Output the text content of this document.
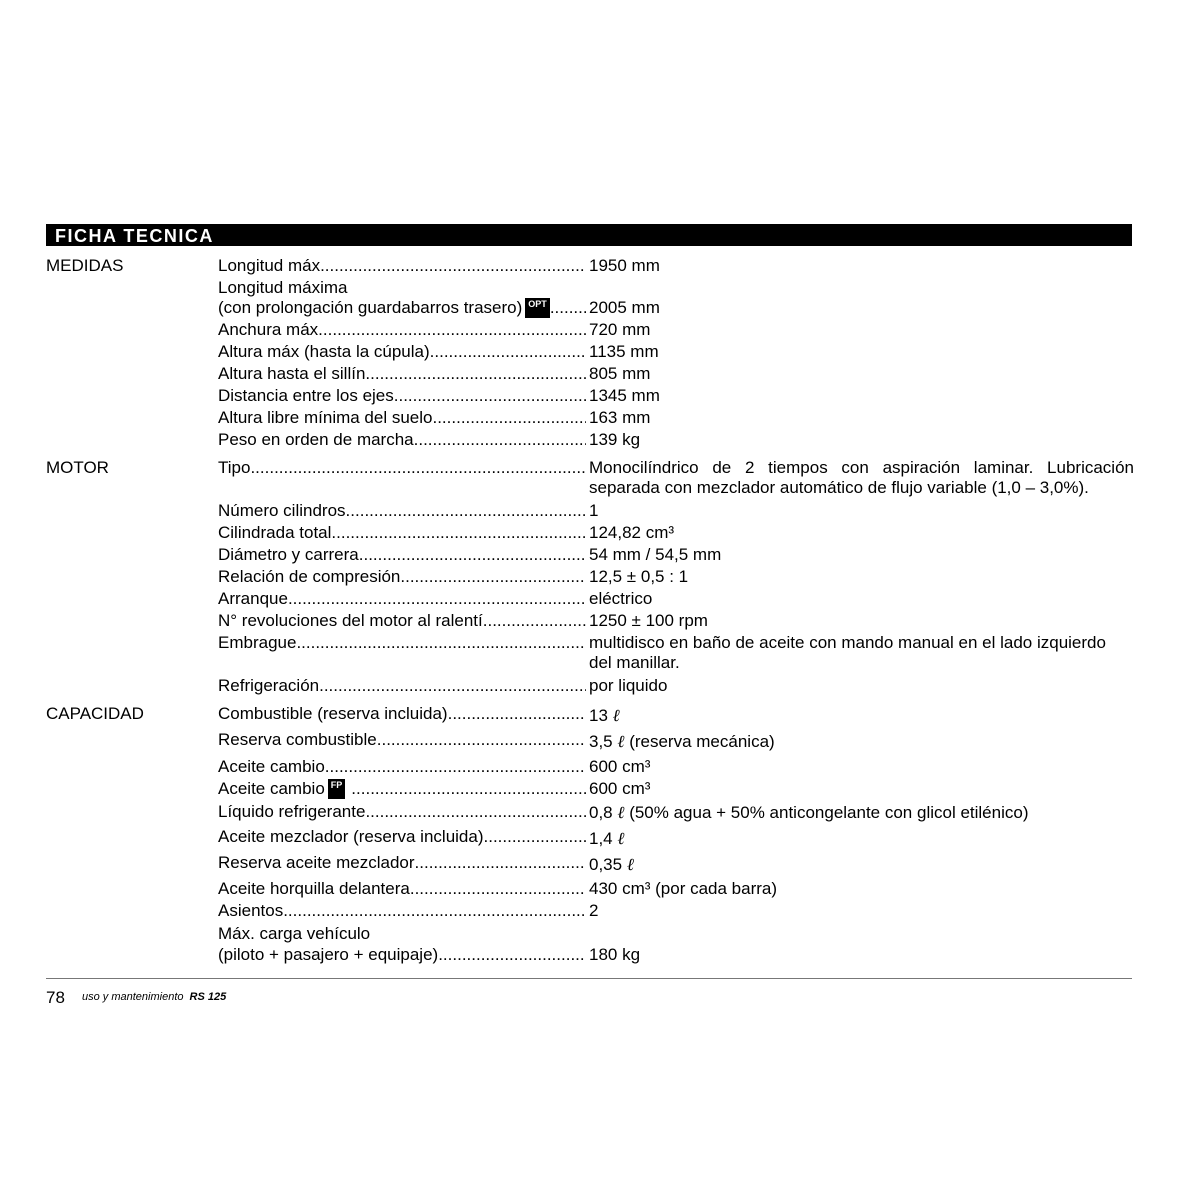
FICHA TECNICA
MEDIDAS	Longitud máx .....	1950 mm
Longitud máxima
(con prolongación guardabarros trasero) OPT ..... 2005 mm
Anchura máx .....	720 mm
Altura máx (hasta la cúpula) .....	1135 mm
Altura hasta el sillín .....	805 mm
Distancia entre los ejes .....	1345 mm
Altura libre mínima del suelo .....	163 mm
Peso en orden de marcha .....	139 kg
MOTOR	Tipo .....	Monocilíndrico de 2 tiempos con aspiración laminar. Lubricación
separada con mezclador automático de flujo variable (1,0 – 3,0%).
Número cilindros .....	1
Cilindrada total .....	124,82 cm³
Diámetro y carrera .....	54 mm / 54,5 mm
Relación de compresión .....	12,5 ± 0,5 : 1
Arranque .....	eléctrico
N° revoluciones del motor al ralentí .....	1250 ± 100 rpm
Embrague .....	multidisco en baño de aceite con mando manual en el lado izquierdo
del manillar.
Refrigeración .....	por liquido
CAPACIDAD	Combustible (reserva incluida) .....	13 ℓ
Reserva combustible .....	3,5 ℓ (reserva mecánica)
Aceite cambio .....	600 cm³
Aceite cambio FP .....	600 cm³
Líquido refrigerante .....	0,8 ℓ (50% agua + 50% anticongelante con glicol etilénico)
Aceite mezclador (reserva incluida) .....	1,4 ℓ
Reserva aceite mezclador .....	0,35 ℓ
Aceite horquilla delantera .....	430 cm³ (por cada barra)
Asientos .....	2
Máx. carga vehículo
(piloto + pasajero + equipaje) .....	180 kg
78 uso y mantenimiento RS 125
